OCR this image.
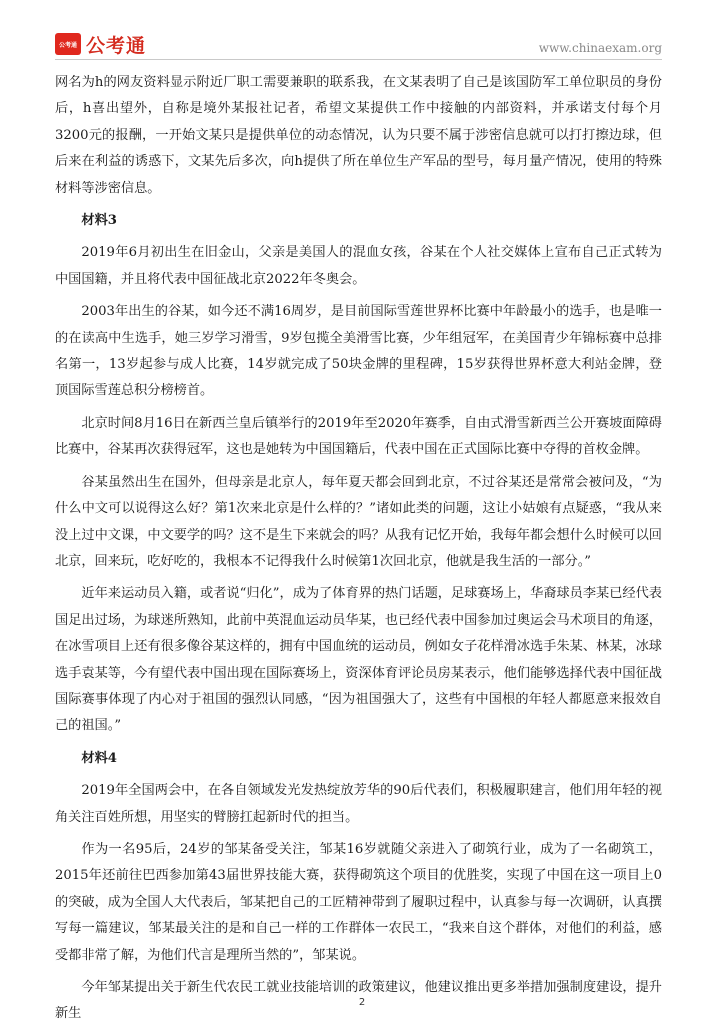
公考通 公考通	www.chinaexam.org

网名为h的网友资料显示附近厂职工需要兼职的联系我，在文某表明了自己是该国防军工单位职员的身份后，h喜出望外，自称是境外某报社记者，希望文某提供工作中接触的内部资料，并承诺支付每个月3200元的报酬，一开始文某只是提供单位的动态情况，认为只要不属于涉密信息就可以打打擦边球，但后来在利益的诱惑下，文某先后多次，向h提供了所在单位生产军品的型号，每月量产情况，使用的特殊材料等涉密信息。

材料3

2019年6月初出生在旧金山，父亲是美国人的混血女孩，谷某在个人社交媒体上宣布自己正式转为中国国籍，并且将代表中国征战北京2022年冬奥会。

2003年出生的谷某，如今还不满16周岁，是目前国际雪莲世界杯比赛中年龄最小的选手，也是唯一的在读高中生选手，她三岁学习滑雪，9岁包揽全美滑雪比赛，少年组冠军，在美国青少年锦标赛中总排名第一，13岁起参与成人比赛，14岁就完成了50块金牌的里程碑，15岁获得世界杯意大利站金牌，登顶国际雪莲总积分榜榜首。

北京时间8月16日在新西兰皇后镇举行的2019年至2020年赛季，自由式滑雪新西兰公开赛坡面障碍比赛中，谷某再次获得冠军，这也是她转为中国国籍后，代表中国在正式国际比赛中夺得的首枚金牌。

谷某虽然出生在国外，但母亲是北京人，每年夏天都会回到北京，不过谷某还是常常会被问及，“为什么中文可以说得这么好？第1次来北京是什么样的？”诸如此类的问题，这让小姑娘有点疑惑，“我从来没上过中文课，中文要学的吗？这不是生下来就会的吗？从我有记忆开始，我每年都会想什么时候可以回北京，回来玩，吃好吃的，我根本不记得我什么时候第1次回北京，他就是我生活的一部分。”

近年来运动员入籍，或者说“归化”，成为了体育界的热门话题，足球赛场上，华裔球员李某已经代表国足出过场，为球迷所熟知，此前中英混血运动员华某，也已经代表中国参加过奥运会马术项目的角逐，在冰雪项目上还有很多像谷某这样的，拥有中国血统的运动员，例如女子花样滑冰选手朱某、林某，冰球选手袁某等，今有望代表中国出现在国际赛场上，资深体育评论员房某表示，他们能够选择代表中国征战国际赛事体现了内心对于祖国的强烈认同感，“因为祖国强大了，这些有中国根的年轻人都愿意来报效自己的祖国。”

材料4

2019年全国两会中，在各自领域发光发热绽放芳华的90后代表们，积极履职建言，他们用年轻的视角关注百姓所想，用坚实的臂膀扛起新时代的担当。

作为一名95后，24岁的邹某备受关注，邹某16岁就随父亲进入了砌筑行业，成为了一名砌筑工，2015年还前往巴西参加第43届世界技能大赛，获得砌筑这个项目的优胜奖，实现了中国在这一项目上0的突破，成为全国人大代表后，邹某把自己的工匠精神带到了履职过程中，认真参与每一次调研，认真撰写每一篇建议，邹某最关注的是和自己一样的工作群体一农民工，“我来自这个群体，对他们的利益，感受都非常了解，为他们代言是理所当然的”，邹某说。

今年邹某提出关于新生代农民工就业技能培训的政策建议，他建议推出更多举措加强制度建设，提升新生

2
